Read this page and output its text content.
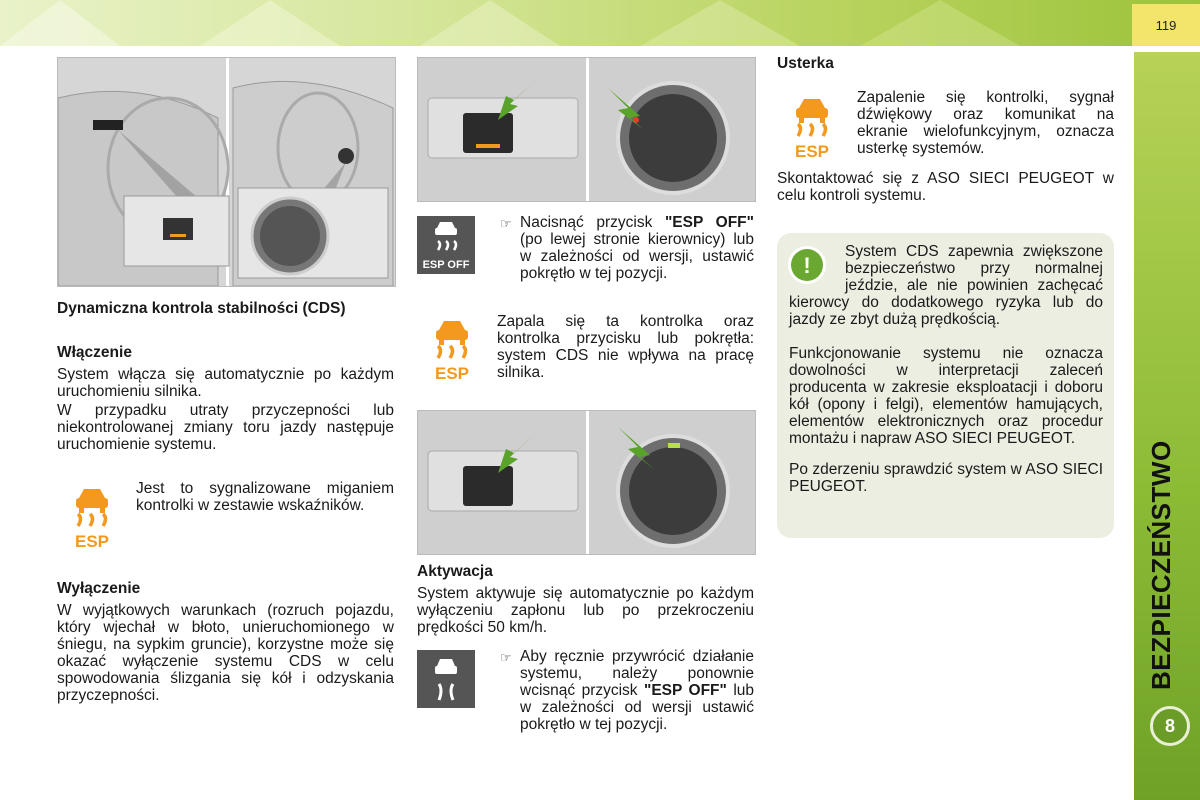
119
BEZPIECZEŃSTWO
8
Dynamiczna kontrola stabilności (CDS)
Włączenie
System włącza się automatycznie po każdym uruchomieniu silnika.
W przypadku utraty przyczepności lub niekontrolowanej zmiany toru jazdy następuje uruchomienie systemu.
ESP
Jest to sygnalizowane miganiem kontrolki w zestawie wskaźników.
Wyłączenie
W wyjątkowych warunkach (rozruch pojazdu, który wjechał w błoto, unieruchomionego w śniegu, na sypkim gruncie), korzystne może się okazać wyłączenie systemu CDS w celu spowodowania ślizgania się kół i odzyskania przyczepności.
ESP OFF
☞ Nacisnąć przycisk "ESP OFF" (po lewej stronie kierownicy) lub w zależności od wersji, ustawić pokrętło w tej pozycji.
ESP
Zapala się ta kontrolka oraz kontrolka przycisku lub pokrętła: system CDS nie wpływa na pracę silnika.
Aktywacja
System aktywuje się automatycznie po każdym wyłączeniu zapłonu lub po przekroczeniu prędkości 50 km/h.
☞ Aby ręcznie przywrócić działanie systemu, należy ponownie wcisnąć przycisk "ESP OFF" lub w zależności od wersji ustawić pokrętło w tej pozycji.
Usterka
ESP
Zapalenie się kontrolki, sygnał dźwiękowy oraz komunikat na ekranie wielofunkcyjnym, oznacza usterkę systemów.
Skontaktować się z ASO SIECI PEUGEOT w celu kontroli systemu.
!
System CDS zapewnia zwiększone bezpieczeństwo przy normalnej jeździe, ale nie powinien zachęcać kierowcy do dodatkowego ryzyka lub do jazdy ze zbyt dużą prędkością.
Funkcjonowanie systemu nie oznacza dowolności w interpretacji zaleceń producenta w zakresie eksploatacji i doboru kół (opony i felgi), elementów hamujących, elementów elektronicznych oraz procedur montażu i napraw ASO SIECI PEUGEOT.
Po zderzeniu sprawdzić system w ASO SIECI PEUGEOT.
